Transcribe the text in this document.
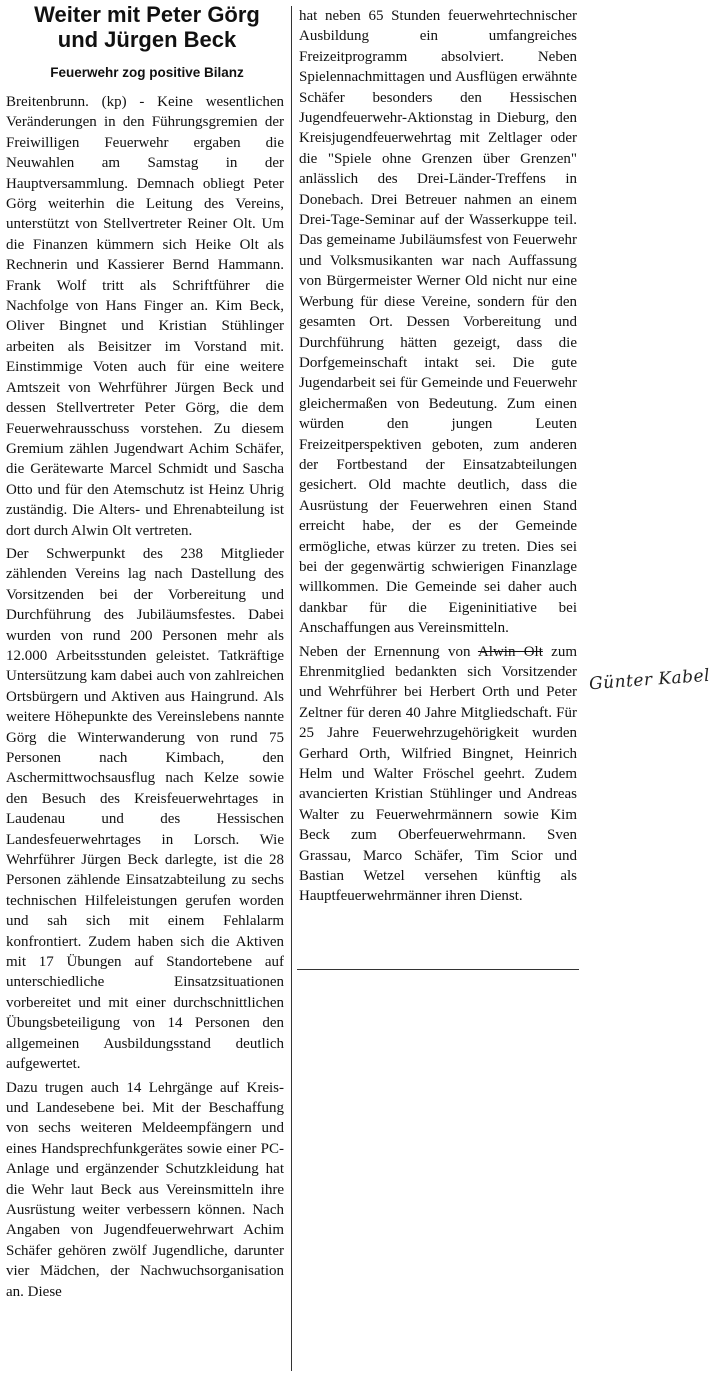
Weiter mit Peter Görg
und Jürgen Beck
Feuerwehr zog positive Bilanz

Breitenbrunn. (kp) - Keine wesentlichen Veränderungen in den Führungsgremien der Freiwilligen Feuerwehr ergaben die Neuwahlen am Samstag in der Hauptversammlung. Demnach obliegt Peter Görg weiterhin die Leitung des Vereins, unterstützt von Stellvertreter Reiner Olt. Um die Finanzen kümmern sich Heike Olt als Rechnerin und Kassierer Bernd Hammann. Frank Wolf tritt als Schriftführer die Nachfolge von Hans Finger an. Kim Beck, Oliver Bingnet und Kristian Stühlinger arbeiten als Beisitzer im Vorstand mit. Einstimmige Voten auch für eine weitere Amtszeit von Wehrführer Jürgen Beck und dessen Stellvertreter Peter Görg, die dem Feuerwehrausschuss vorstehen. Zu diesem Gremium zählen Jugendwart Achim Schäfer, die Gerätewarte Marcel Schmidt und Sascha Otto und für den Atemschutz ist Heinz Uhrig zuständig. Die Alters- und Ehrenabteilung ist dort durch Alwin Olt vertreten.

Der Schwerpunkt des 238 Mitglieder zählenden Vereins lag nach Dastellung des Vorsitzenden bei der Vorbereitung und Durchführung des Jubiläumsfestes. Dabei wurden von rund 200 Personen mehr als 12.000 Arbeitsstunden geleistet. Tatkräftige Untersützung kam dabei auch von zahlreichen Ortsbürgern und Aktiven aus Haingrund. Als weitere Höhepunkte des Vereinslebens nannte Görg die Winterwanderung von rund 75 Personen nach Kimbach, den Aschermittwochsausflug nach Kelze sowie den Besuch des Kreisfeuerwehrtages in Laudenau und des Hessischen Landesfeuerwehrtages in Lorsch. Wie Wehrführer Jürgen Beck darlegte, ist die 28 Personen zählende Einsatzabteilung zu sechs technischen Hilfeleistungen gerufen worden und sah sich mit einem Fehlalarm konfrontiert. Zudem haben sich die Aktiven mit 17 Übungen auf Standortebene auf unterschiedliche Einsatzsituationen vorbereitet und mit einer durchschnittlichen Übungsbeteiligung von 14 Personen den allgemeinen Ausbildungsstand deutlich aufgewertet.

Dazu trugen auch 14 Lehrgänge auf Kreis- und Landesebene bei. Mit der Beschaffung von sechs weiteren Meldeempfängern und eines Handsprechfunkgerätes sowie einer PC-Anlage und ergänzender Schutzkleidung hat die Wehr laut Beck aus Vereinsmitteln ihre Ausrüstung weiter verbessern können. Nach Angaben von Jugendfeuerwehrwart Achim Schäfer gehören zwölf Jugendliche, darunter vier Mädchen, der Nachwuchsorganisation an. Diese

hat neben 65 Stunden feuerwehrtechnischer Ausbildung ein umfangreiches Freizeitprogramm absolviert. Neben Spielennachmittagen und Ausflügen erwähnte Schäfer besonders den Hessischen Jugendfeuerwehr-Aktionstag in Dieburg, den Kreisjugendfeuerwehrtag mit Zeltlager oder die "Spiele ohne Grenzen über Grenzen" anlässlich des Drei-Länder-Treffens in Donebach. Drei Betreuer nahmen an einem Drei-Tage-Seminar auf der Wasserkuppe teil. Das gemeiname Jubiläumsfest von Feuerwehr und Volksmusikanten war nach Auffassung von Bürgermeister Werner Old nicht nur eine Werbung für diese Vereine, sondern für den gesamten Ort. Dessen Vorbereitung und Durchführung hätten gezeigt, dass die Dorfgemeinschaft intakt sei. Die gute Jugendarbeit sei für Gemeinde und Feuerwehr gleichermaßen von Bedeutung. Zum einen würden den jungen Leuten Freizeitperspektiven geboten, zum anderen der Fortbestand der Einsatzabteilungen gesichert. Old machte deutlich, dass die Ausrüstung der Feuerwehren einen Stand erreicht habe, der es der Gemeinde ermögliche, etwas kürzer zu treten. Dies sei bei der gegenwärtig schwierigen Finanzlage willkommen. Die Gemeinde sei daher auch dankbar für die Eigeninitiative bei Anschaffungen aus Vereinsmitteln.

Neben der Ernennung von Alwin Olt zum Ehrenmitglied bedankten sich Vorsitzender und Wehrführer bei Herbert Orth und Peter Zeltner für deren 40 Jahre Mitgliedschaft. Für 25 Jahre Feuerwehrzugehörigkeit wurden Gerhard Orth, Wilfried Bingnet, Heinrich Helm und Walter Fröschel geehrt. Zudem avancierten Kristian Stühlinger und Andreas Walter zu Feuerwehrmännern sowie Kim Beck zum Oberfeuerwehrmann. Sven Grassau, Marco Schäfer, Tim Scior und Bastian Wetzel versehen künftig als Hauptfeuerwehrmänner ihren Dienst.

Günter Kabel
